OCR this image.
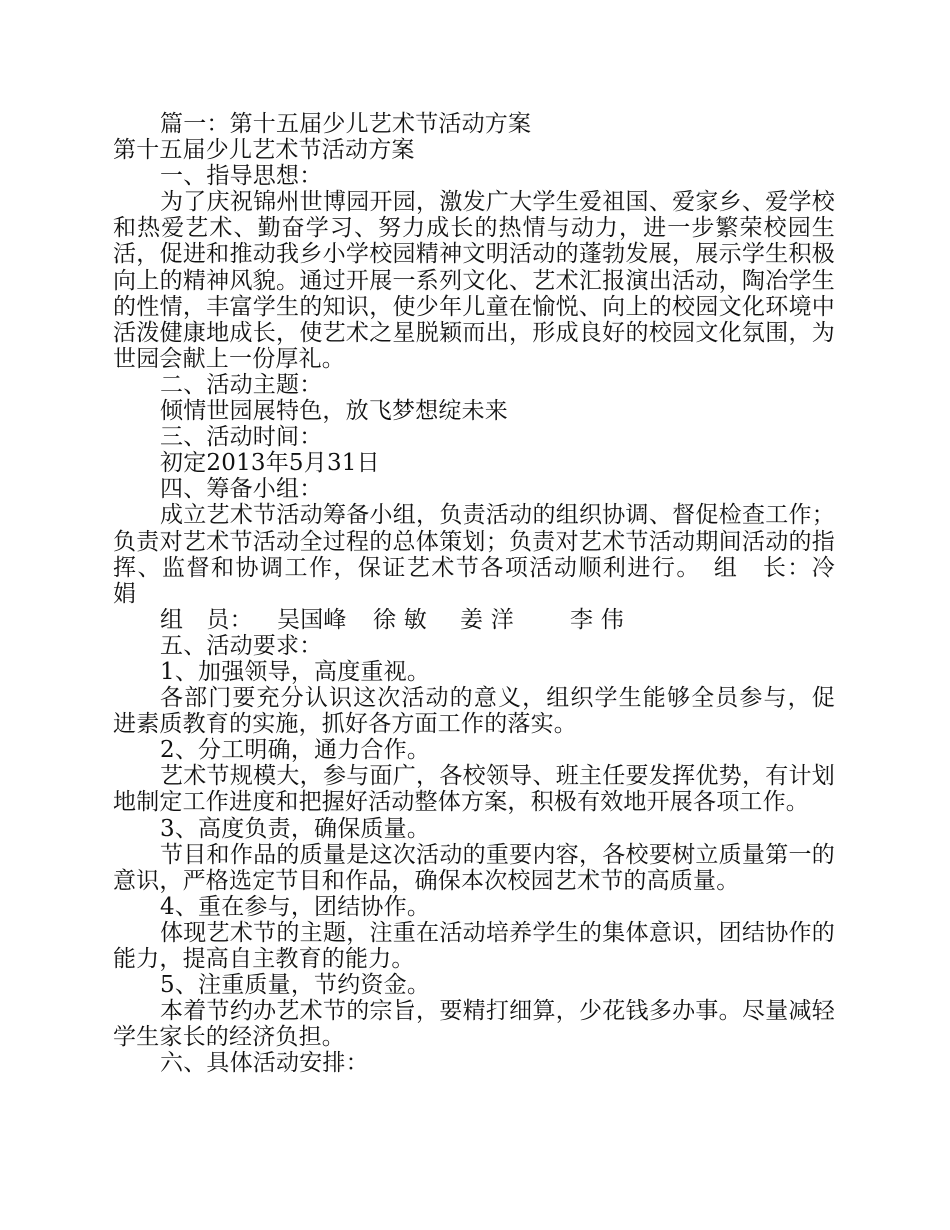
篇一：第十五届少儿艺术节活动方案
第十五届少儿艺术节活动方案
一、指导思想：
为了庆祝锦州世博园开园，激发广大学生爱祖国、爱家乡、爱学校
和热爱艺术、勤奋学习、努力成长的热情与动力，进一步繁荣校园生
活，促进和推动我乡小学校园精神文明活动的蓬勃发展，展示学生积极
向上的精神风貌。通过开展一系列文化、艺术汇报演出活动，陶冶学生
的性情，丰富学生的知识，使少年儿童在愉悦、向上的校园文化环境中
活泼健康地成长，使艺术之星脱颖而出，形成良好的校园文化氛围，为
世园会献上一份厚礼。
二、活动主题：
倾情世园展特色，放飞梦想绽未来
三、活动时间：
初定2013年5月31日
四、筹备小组：
成立艺术节活动筹备小组，负责活动的组织协调、督促检查工作；
负责对艺术节活动全过程的总体策划；负责对艺术节活动期间活动的指
挥、监督和协调工作，保证艺术节各项活动顺利进行。　组　长：冷
娟
组　员： 吴国峰 徐 敏 姜 洋 李 伟
五、活动要求：
1、加强领导，高度重视。
各部门要充分认识这次活动的意义，组织学生能够全员参与，促
进素质教育的实施，抓好各方面工作的落实。
2、分工明确，通力合作。
艺术节规模大，参与面广，各校领导、班主任要发挥优势，有计划
地制定工作进度和把握好活动整体方案，积极有效地开展各项工作。
3、高度负责，确保质量。
节目和作品的质量是这次活动的重要内容，各校要树立质量第一的
意识，严格选定节目和作品，确保本次校园艺术节的高质量。
4、重在参与，团结协作。
体现艺术节的主题，注重在活动培养学生的集体意识，团结协作的
能力，提高自主教育的能力。
5、注重质量，节约资金。
本着节约办艺术节的宗旨，要精打细算，少花钱多办事。尽量减轻
学生家长的经济负担。
六、具体活动安排：
